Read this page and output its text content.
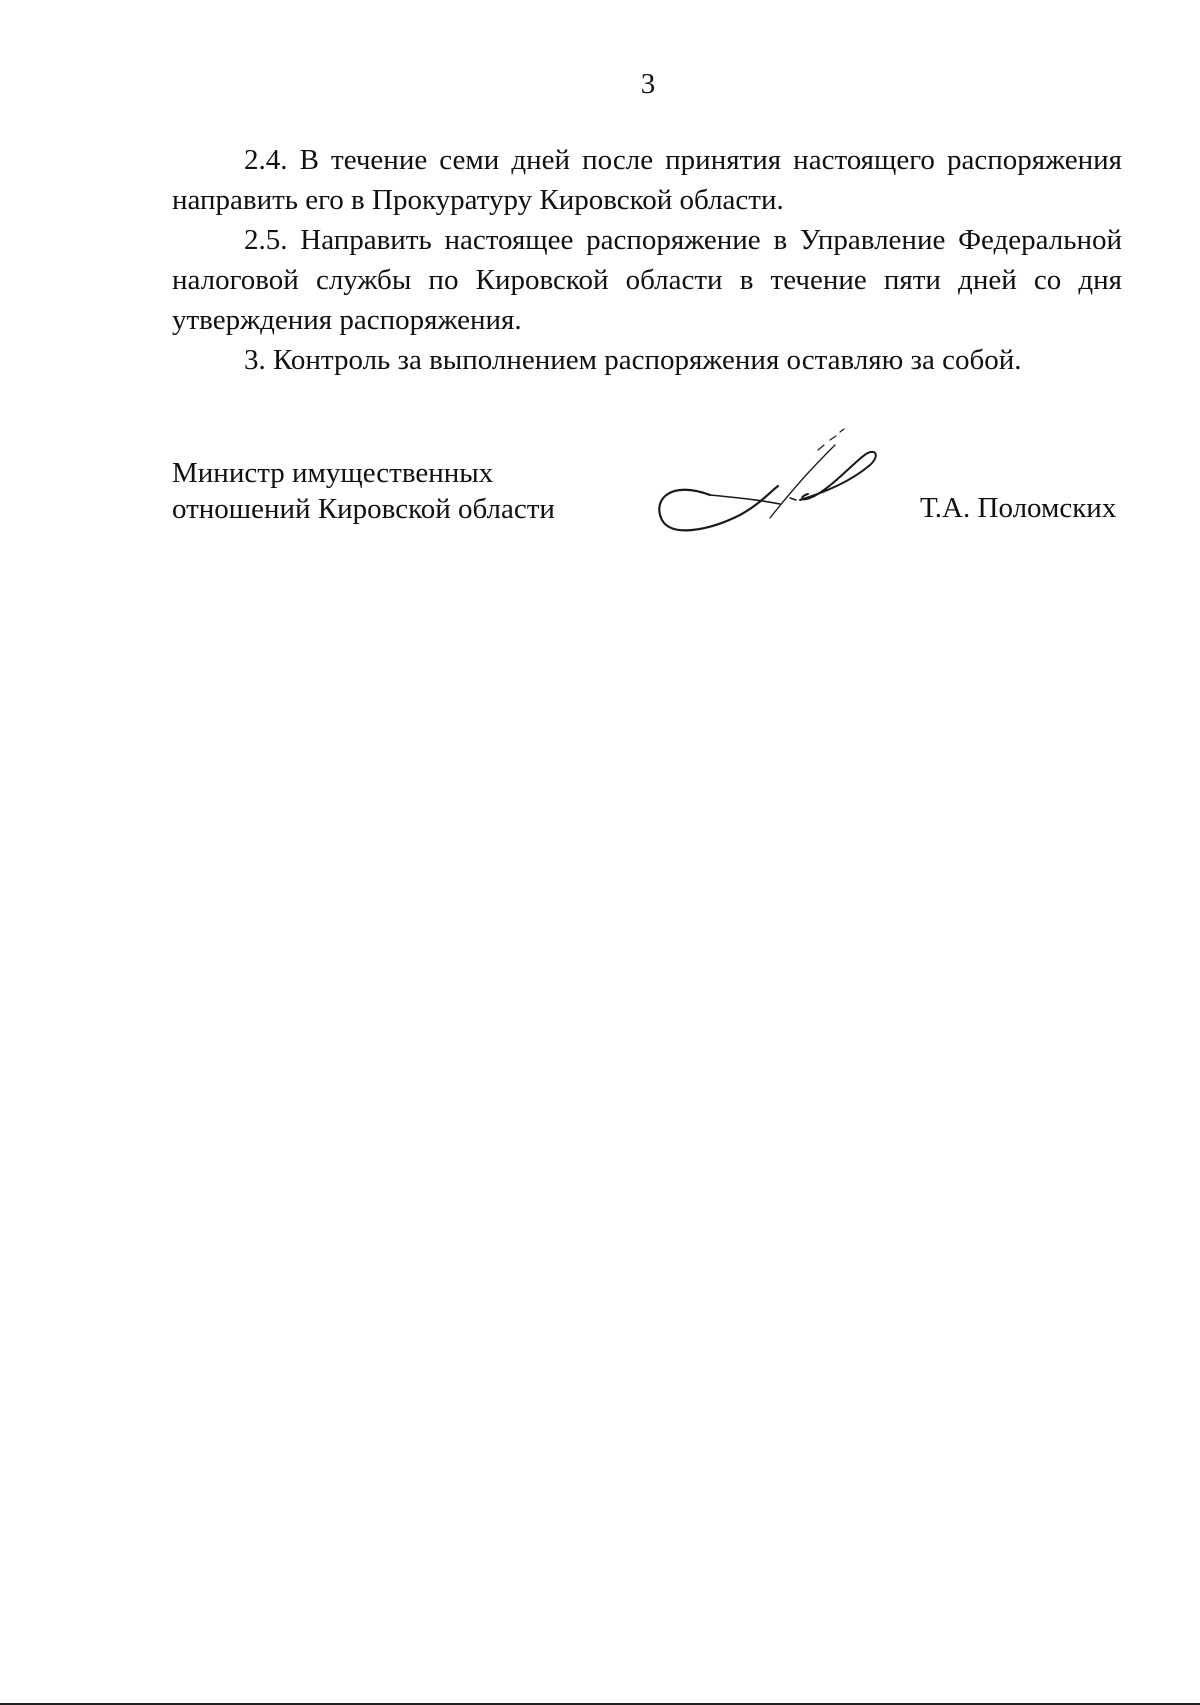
3

2.4. В течение семи дней после принятия настоящего распоряжения направить его в Прокуратуру Кировской области.

2.5. Направить настоящее распоряжение в Управление Федеральной налоговой службы по Кировской области в течение пяти дней со дня утверждения распоряжения.

3. Контроль за выполнением распоряжения оставляю за собой.

Министр имущественных
отношений Кировской области	Т.А. Поломских
